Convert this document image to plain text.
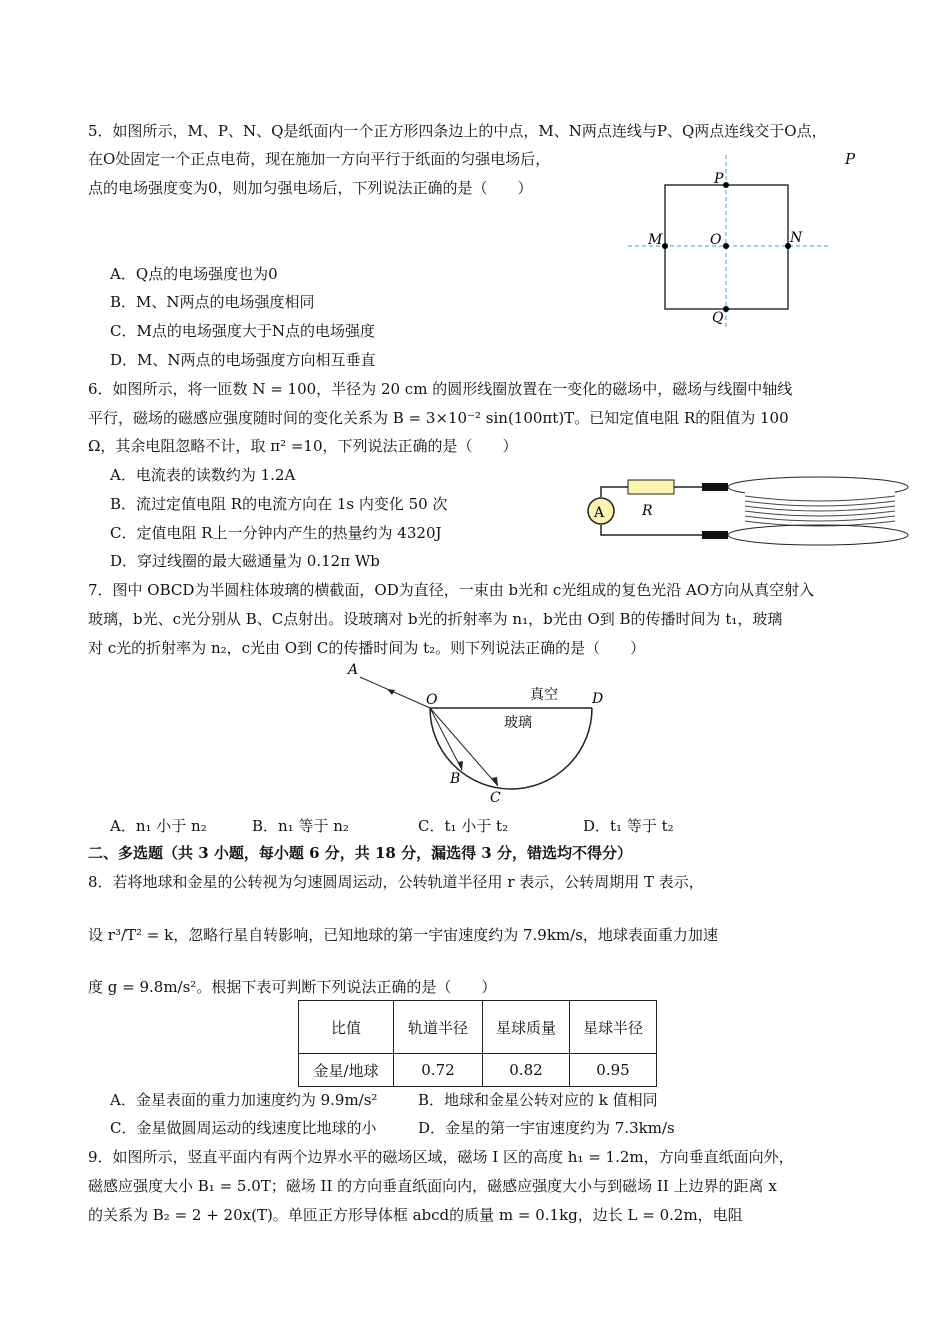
5．如图所示，M、P、N、Q是纸面内一个正方形四条边上的中点，M、N两点连线与P、Q两点连线交于O点，
在O处固定一个正点电荷，现在施加一方向平行于纸面的匀强电场后，	P
点的电场强度变为0，则加匀强电场后，下列说法正确的是（　　）
A．Q点的电场强度也为0
B．M、N两点的电场强度相同
C．M点的电场强度大于N点的电场强度
D．M、N两点的电场强度方向相互垂直
P
M	O	N
Q
6．如图所示，将一匝数 N = 100，半径为 20 cm 的圆形线圈放置在一变化的磁场中，磁场与线圈中轴线
平行，磁场的磁感应强度随时间的变化关系为 B = 3×10⁻² sin(100πt)T。已知定值电阻 R的阻值为 100
Ω，其余电阻忽略不计，取 π² =10，下列说法正确的是（　　）
A．电流表的读数约为 1.2A
B．流过定值电阻 R的电流方向在 1s 内变化 50 次
C．定值电阻 R上一分钟内产生的热量约为 4320J
D．穿过线圈的最大磁通量为 0.12π Wb
A	R
7．图中 OBCD为半圆柱体玻璃的横截面，OD为直径，一束由 b光和 c光组成的复色光沿 AO方向从真空射入
玻璃，b光、c光分别从 B、C点射出。设玻璃对 b光的折射率为 n₁，b光由 O到 B的传播时间为 t₁，玻璃
对 c光的折射率为 n₂，c光由 O到 C的传播时间为 t₂。则下列说法正确的是（　　）
A
O	D
B
C
真空
玻璃
A．n₁ 小于 n₂	B．n₁ 等于 n₂	C．t₁ 小于 t₂	D．t₁ 等于 t₂
二、多选题（共 3 小题，每小题 6 分，共 18 分，漏选得 3 分，错选均不得分）
8．若将地球和金星的公转视为匀速圆周运动，公转轨道半径用 r 表示，公转周期用 T 表示，
设 r³/T² = k，忽略行星自转影响，已知地球的第一宇宙速度约为 7.9km/s，地球表面重力加速
度 g = 9.8m/s²。根据下表可判断下列说法正确的是（　　）
比值	轨道半径	星球质量	星球半径
金星/地球	0.72	0.82	0.95
A．金星表面的重力加速度约为 9.9m/s²	B．地球和金星公转对应的 k 值相同
C．金星做圆周运动的线速度比地球的小	D．金星的第一宇宙速度约为 7.3km/s
9．如图所示，竖直平面内有两个边界水平的磁场区域，磁场 I 区的高度 h₁ = 1.2m，方向垂直纸面向外，
磁感应强度大小 B₁ = 5.0T；磁场 II 的方向垂直纸面向内，磁感应强度大小与到磁场 II 上边界的距离 x
的关系为 B₂ = 2 + 20x(T)。单匝正方形导体框 abcd的质量 m = 0.1kg，边长 L = 0.2m，电阻
